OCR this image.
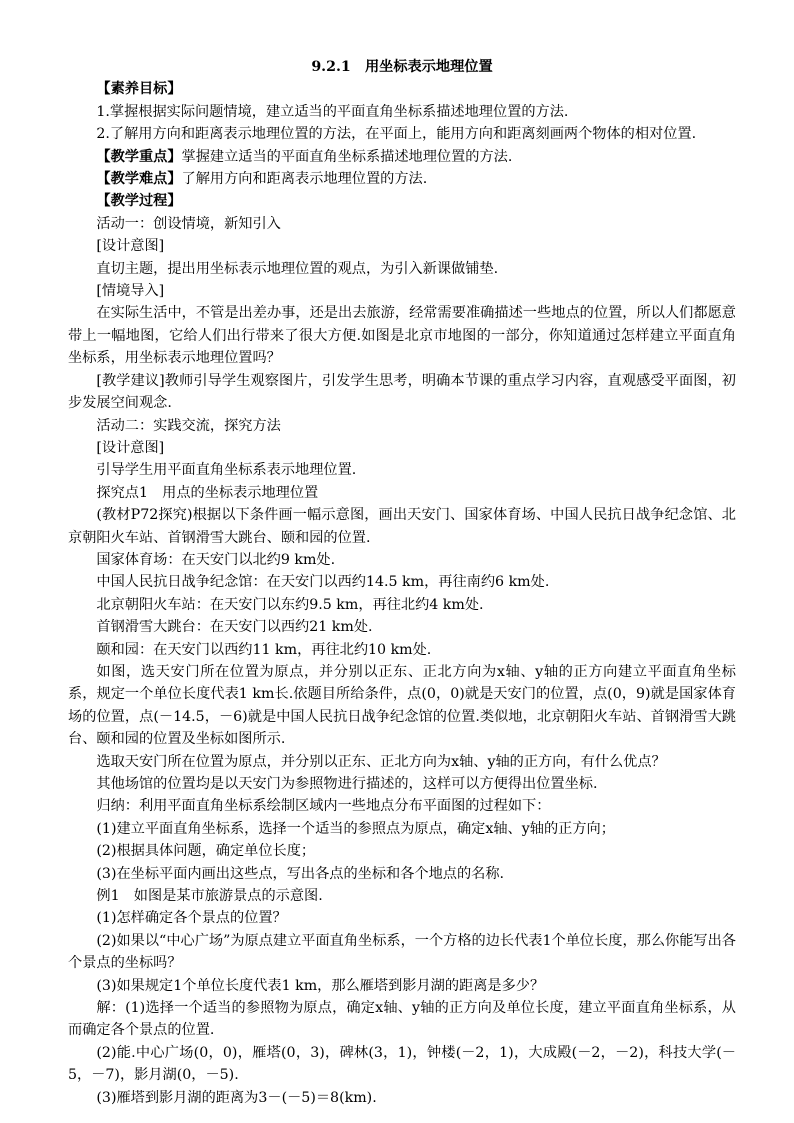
9.2.1　用坐标表示地理位置

【素养目标】

1.掌握根据实际问题情境，建立适当的平面直角坐标系描述地理位置的方法.

2.了解用方向和距离表示地理位置的方法，在平面上，能用方向和距离刻画两个物体的相对位置.

【教学重点】掌握建立适当的平面直角坐标系描述地理位置的方法.

【教学难点】了解用方向和距离表示地理位置的方法.

【教学过程】

活动一：创设情境，新知引入

[设计意图]

直切主题，提出用坐标表示地理位置的观点，为引入新课做铺垫.

[情境导入]

在实际生活中，不管是出差办事，还是出去旅游，经常需要准确描述一些地点的位置，所以人们都愿意带上一幅地图，它给人们出行带来了很大方便.如图是北京市地图的一部分，你知道通过怎样建立平面直角坐标系，用坐标表示地理位置吗？

[教学建议]教师引导学生观察图片，引发学生思考，明确本节课的重点学习内容，直观感受平面图，初步发展空间观念.

活动二：实践交流，探究方法

[设计意图]

引导学生用平面直角坐标系表示地理位置.

探究点1　用点的坐标表示地理位置

(教材P72探究)根据以下条件画一幅示意图，画出天安门、国家体育场、中国人民抗日战争纪念馆、北京朝阳火车站、首钢滑雪大跳台、颐和园的位置.

国家体育场：在天安门以北约9 km处.

中国人民抗日战争纪念馆：在天安门以西约14.5 km，再往南约6 km处.

北京朝阳火车站：在天安门以东约9.5 km，再往北约4 km处.

首钢滑雪大跳台：在天安门以西约21 km处.

颐和园：在天安门以西约11 km，再往北约10 km处.

如图，选天安门所在位置为原点，并分别以正东、正北方向为x轴、y轴的正方向建立平面直角坐标系，规定一个单位长度代表1 km长.依题目所给条件，点(0，0)就是天安门的位置，点(0，9)就是国家体育场的位置，点(－14.5，－6)就是中国人民抗日战争纪念馆的位置.类似地，北京朝阳火车站、首钢滑雪大跳台、颐和园的位置及坐标如图所示.

选取天安门所在位置为原点，并分别以正东、正北方向为x轴、y轴的正方向，有什么优点？

其他场馆的位置均是以天安门为参照物进行描述的，这样可以方便得出位置坐标.

归纳：利用平面直角坐标系绘制区域内一些地点分布平面图的过程如下：

(1)建立平面直角坐标系，选择一个适当的参照点为原点，确定x轴、y轴的正方向；

(2)根据具体问题，确定单位长度；

(3)在坐标平面内画出这些点，写出各点的坐标和各个地点的名称.

例1　如图是某市旅游景点的示意图.

(1)怎样确定各个景点的位置？

(2)如果以“中心广场”为原点建立平面直角坐标系，一个方格的边长代表1个单位长度，那么你能写出各个景点的坐标吗？

(3)如果规定1个单位长度代表1 km，那么雁塔到影月湖的距离是多少？

解：(1)选择一个适当的参照物为原点，确定x轴、y轴的正方向及单位长度，建立平面直角坐标系，从而确定各个景点的位置.

(2)能.中心广场(0，0)，雁塔(0，3)，碑林(3，1)，钟楼(－2，1)，大成殿(－2，－2)，科技大学(－5，－7)，影月湖(0，－5).

(3)雁塔到影月湖的距离为3－(－5)＝8(km).
